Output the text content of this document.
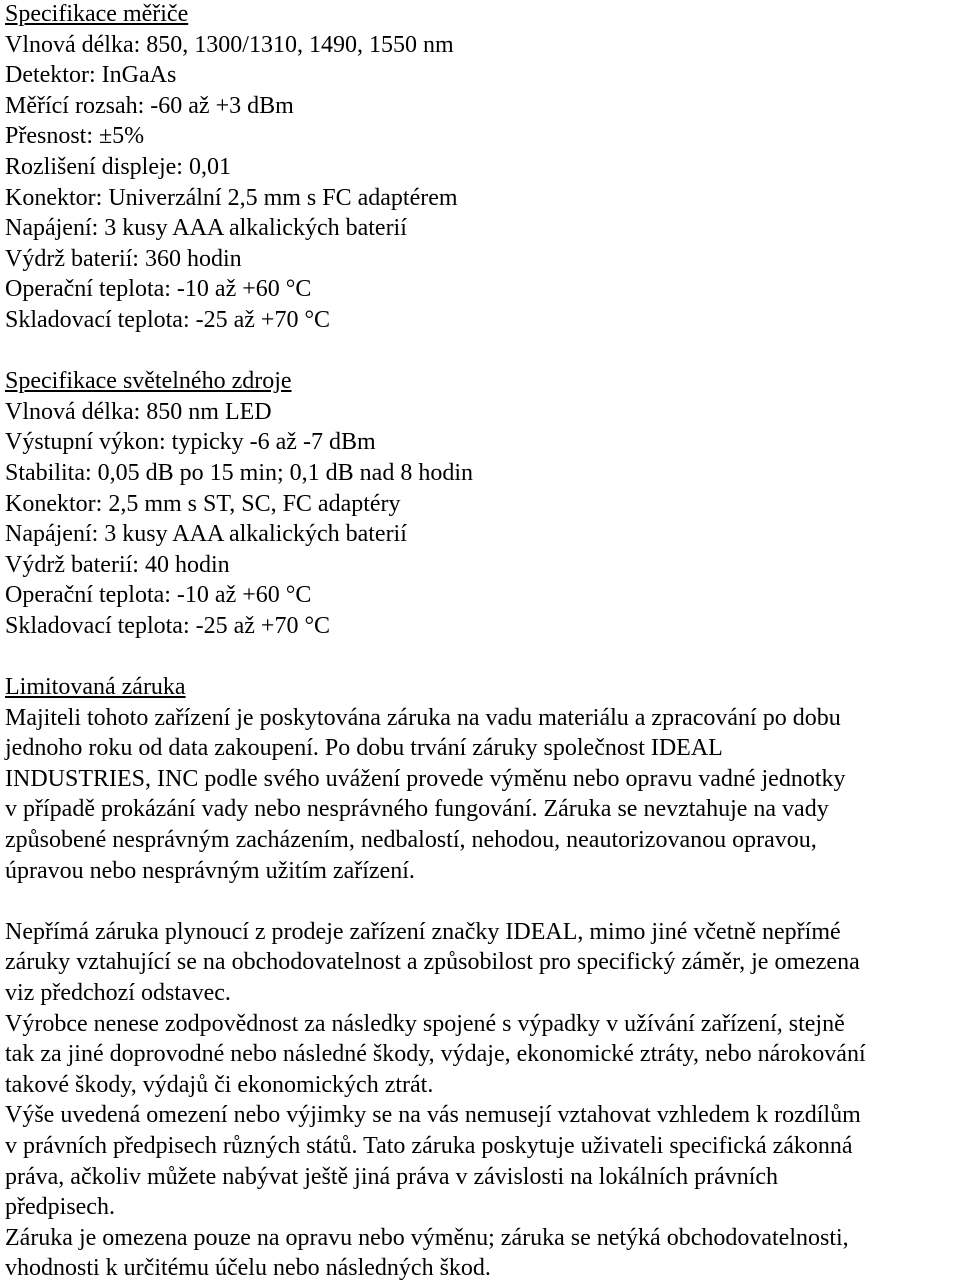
Specifikace měřiče
Vlnová délka: 850, 1300/1310, 1490, 1550 nm
Detektor: InGaAs
Měřící rozsah: -60 až +3 dBm
Přesnost: ±5%
Rozlišení displeje: 0,01
Konektor: Univerzální 2,5 mm s FC adaptérem
Napájení: 3 kusy AAA alkalických baterií
Výdrž baterií: 360 hodin
Operační teplota: -10 až +60 °C
Skladovací teplota: -25 až +70 °C
Specifikace světelného zdroje
Vlnová délka: 850 nm LED
Výstupní výkon: typicky -6 až -7 dBm
Stabilita: 0,05 dB po 15 min; 0,1 dB nad 8 hodin
Konektor: 2,5 mm s ST, SC, FC adaptéry
Napájení: 3 kusy AAA alkalických baterií
Výdrž baterií: 40 hodin
Operační teplota: -10 až +60 °C
Skladovací teplota: -25 až +70 °C
Limitovaná záruka
Majiteli tohoto zařízení je poskytována záruka na vadu materiálu a zpracování po dobu
jednoho roku od data zakoupení. Po dobu trvání záruky společnost IDEAL
INDUSTRIES, INC podle svého uvážení provede výměnu nebo opravu vadné jednotky
v případě prokázání vady nebo nesprávného fungování. Záruka se nevztahuje na vady
způsobené nesprávným zacházením, nedbalostí, nehodou, neautorizovanou opravou,
úpravou nebo nesprávným užitím zařízení.
Nepřímá záruka plynoucí z prodeje zařízení značky IDEAL, mimo jiné včetně nepřímé
záruky vztahující se na obchodovatelnost a způsobilost pro specifický záměr, je omezena
viz předchozí odstavec.
Výrobce nenese zodpovědnost za následky spojené s výpadky v užívání zařízení, stejně
tak za jiné doprovodné nebo následné škody, výdaje, ekonomické ztráty, nebo nárokování
takové škody, výdajů či ekonomických ztrát.
Výše uvedená omezení nebo výjimky se na vás nemusejí vztahovat vzhledem k rozdílům
v právních předpisech různých států. Tato záruka poskytuje uživateli specifická zákonná
práva, ačkoliv můžete nabývat ještě jiná práva v závislosti na lokálních právních
předpisech.
Záruka je omezena pouze na opravu nebo výměnu; záruka se netýká obchodovatelnosti,
vhodnosti k určitému účelu nebo následných škod.
